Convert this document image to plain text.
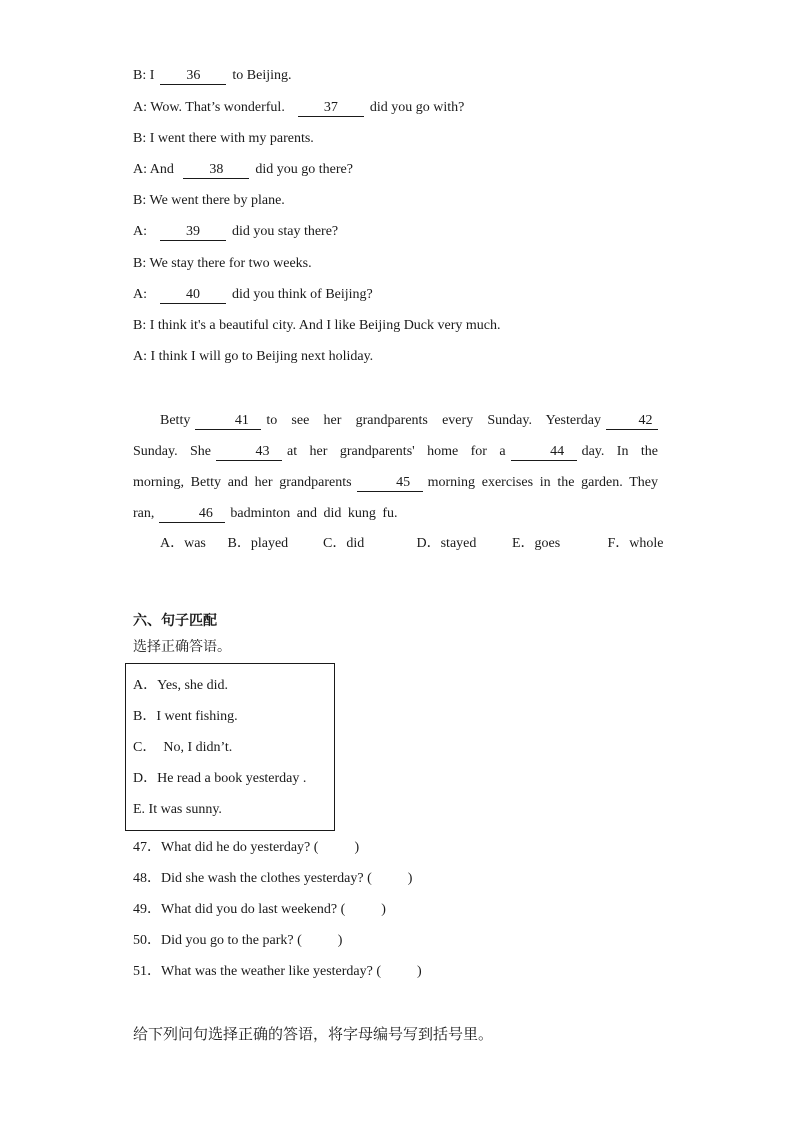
B: I 36 to Beijing.
A: Wow. That’s wonderful.	37 did you go with?
B: I went there with my parents.
A: And	38 did you go there?
B: We went there by plane.
A:	39 did you stay there?
B: We stay there for two weeks.
A:	40 did you think of Beijing?
B: I think it's a beautiful city. And I like Beijing Duck very much.
A: I think I will go to Beijing next holiday.
Betty	41 to see her grandparents every Sunday. Yesterday	42 Sunday. She	43 at her grandparents' home for a	44 day. In the morning, Betty and her grandparents	45 morning exercises in the garden. They ran,	46 badminton and did kung fu.
A．was B．played C．did	D．stayed	E．goes	F．whole
六、句子匹配
选择正确答语。
A．Yes, she did.
B．I went fishing.
C．  No, I didn’t.
D．He read a book yesterday .
E. It was sunny.
47．What did he do yesterday? (	)
48．Did she wash the clothes yesterday? (	)
49．What did you do last weekend? (	)
50．Did you go to the park? (	)
51．What was the weather like yesterday? (	)
给下列问句选择正确的答语，将字母编号写到括号里。
